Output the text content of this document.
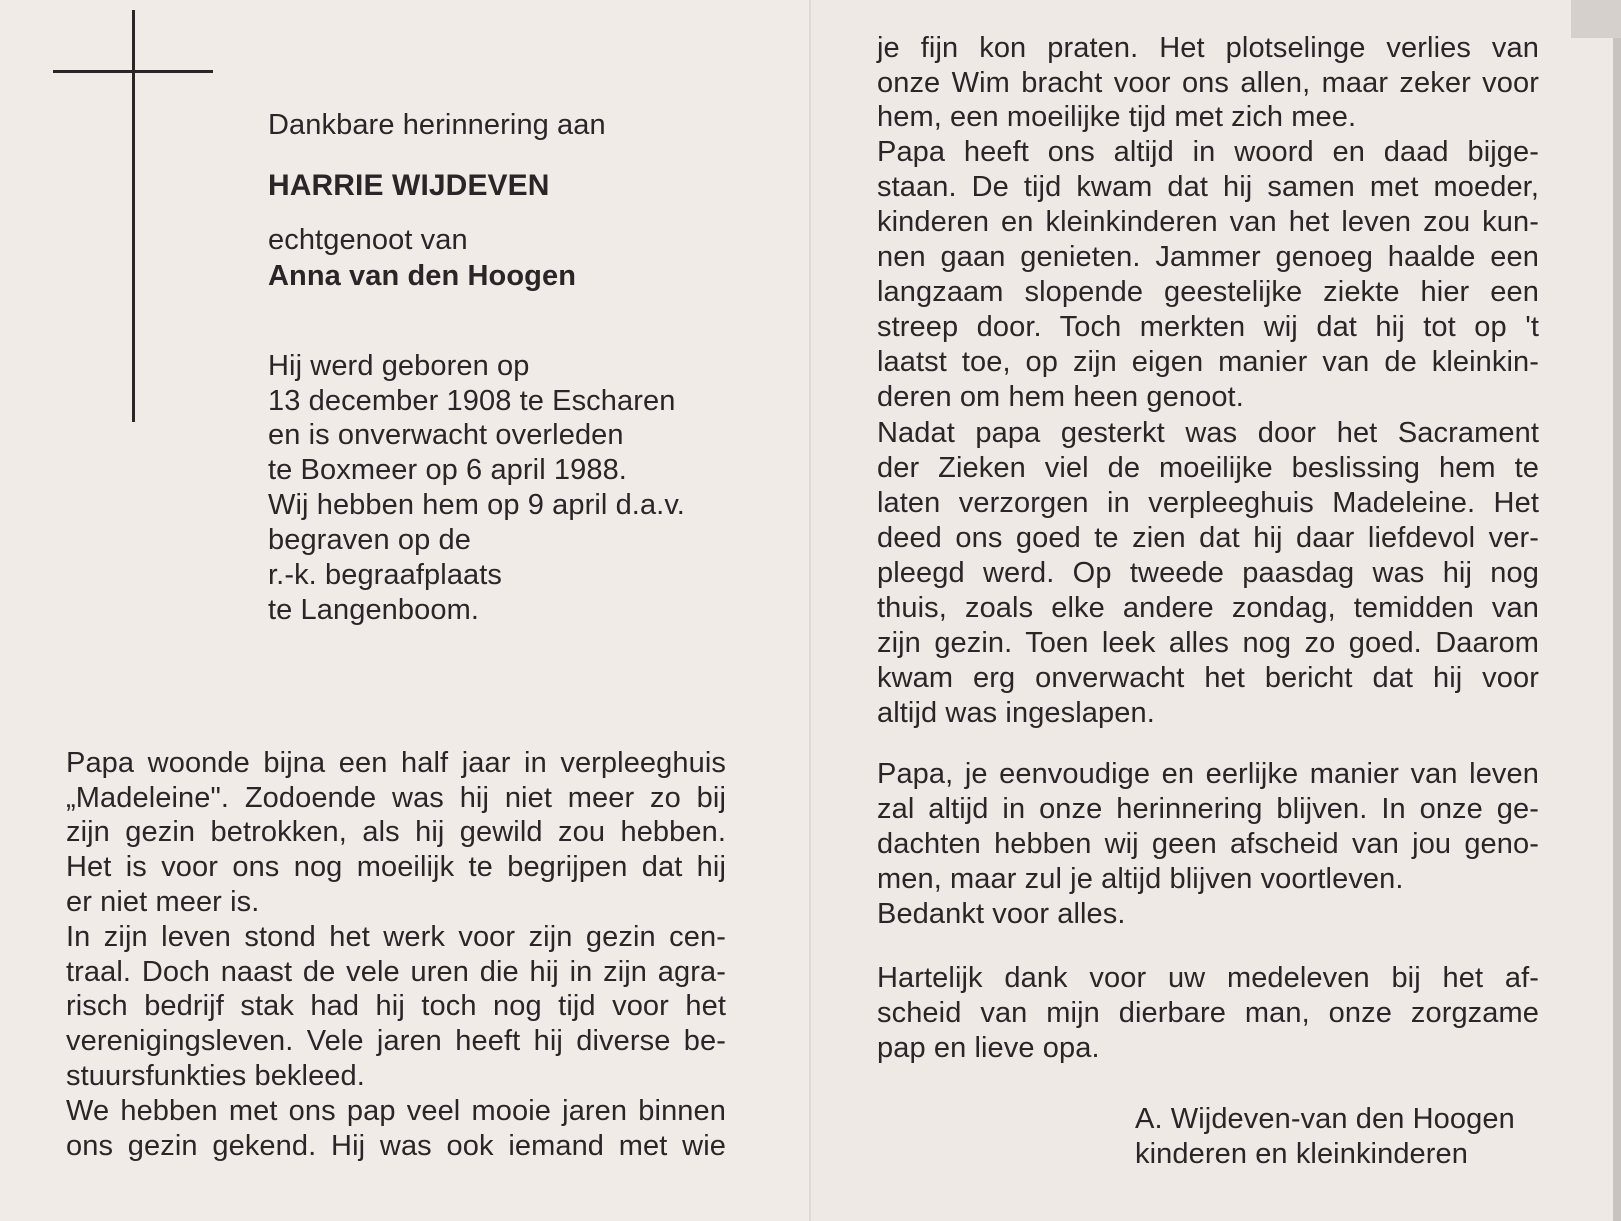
Dankbare herinnering aan
HARRIE WIJDEVEN
echtgenoot van
Anna van den Hoogen
Hij werd geboren op
13 december 1908 te Escharen
en is onverwacht overleden
te Boxmeer op 6 april 1988.
Wij hebben hem op 9 april d.a.v.
begraven op de
r.-k. begraafplaats
te Langenboom.
Papa woonde bijna een half jaar in verpleeghuis
„Madeleine". Zodoende was hij niet meer zo bij
zijn gezin betrokken, als hij gewild zou hebben.
Het is voor ons nog moeilijk te begrijpen dat hij
er niet meer is.
In zijn leven stond het werk voor zijn gezin cen-
traal. Doch naast de vele uren die hij in zijn agra-
risch bedrijf stak had hij toch nog tijd voor het
verenigingsleven. Vele jaren heeft hij diverse be-
stuursfunkties bekleed.
We hebben met ons pap veel mooie jaren binnen
ons gezin gekend. Hij was ook iemand met wie
je fijn kon praten. Het plotselinge verlies van
onze Wim bracht voor ons allen, maar zeker voor
hem, een moeilijke tijd met zich mee.
Papa heeft ons altijd in woord en daad bijge-
staan. De tijd kwam dat hij samen met moeder,
kinderen en kleinkinderen van het leven zou kun-
nen gaan genieten. Jammer genoeg haalde een
langzaam slopende geestelijke ziekte hier een
streep door. Toch merkten wij dat hij tot op 't
laatst toe, op zijn eigen manier van de kleinkin-
deren om hem heen genoot.
Nadat papa gesterkt was door het Sacrament
der Zieken viel de moeilijke beslissing hem te
laten verzorgen in verpleeghuis Madeleine. Het
deed ons goed te zien dat hij daar liefdevol ver-
pleegd werd. Op tweede paasdag was hij nog
thuis, zoals elke andere zondag, temidden van
zijn gezin. Toen leek alles nog zo goed. Daarom
kwam erg onverwacht het bericht dat hij voor
altijd was ingeslapen.
Papa, je eenvoudige en eerlijke manier van leven
zal altijd in onze herinnering blijven. In onze ge-
dachten hebben wij geen afscheid van jou geno-
men, maar zul je altijd blijven voortleven.
Bedankt voor alles.
Hartelijk dank voor uw medeleven bij het af-
scheid van mijn dierbare man, onze zorgzame
pap en lieve opa.
A. Wijdeven-van den Hoogen
kinderen en kleinkinderen
